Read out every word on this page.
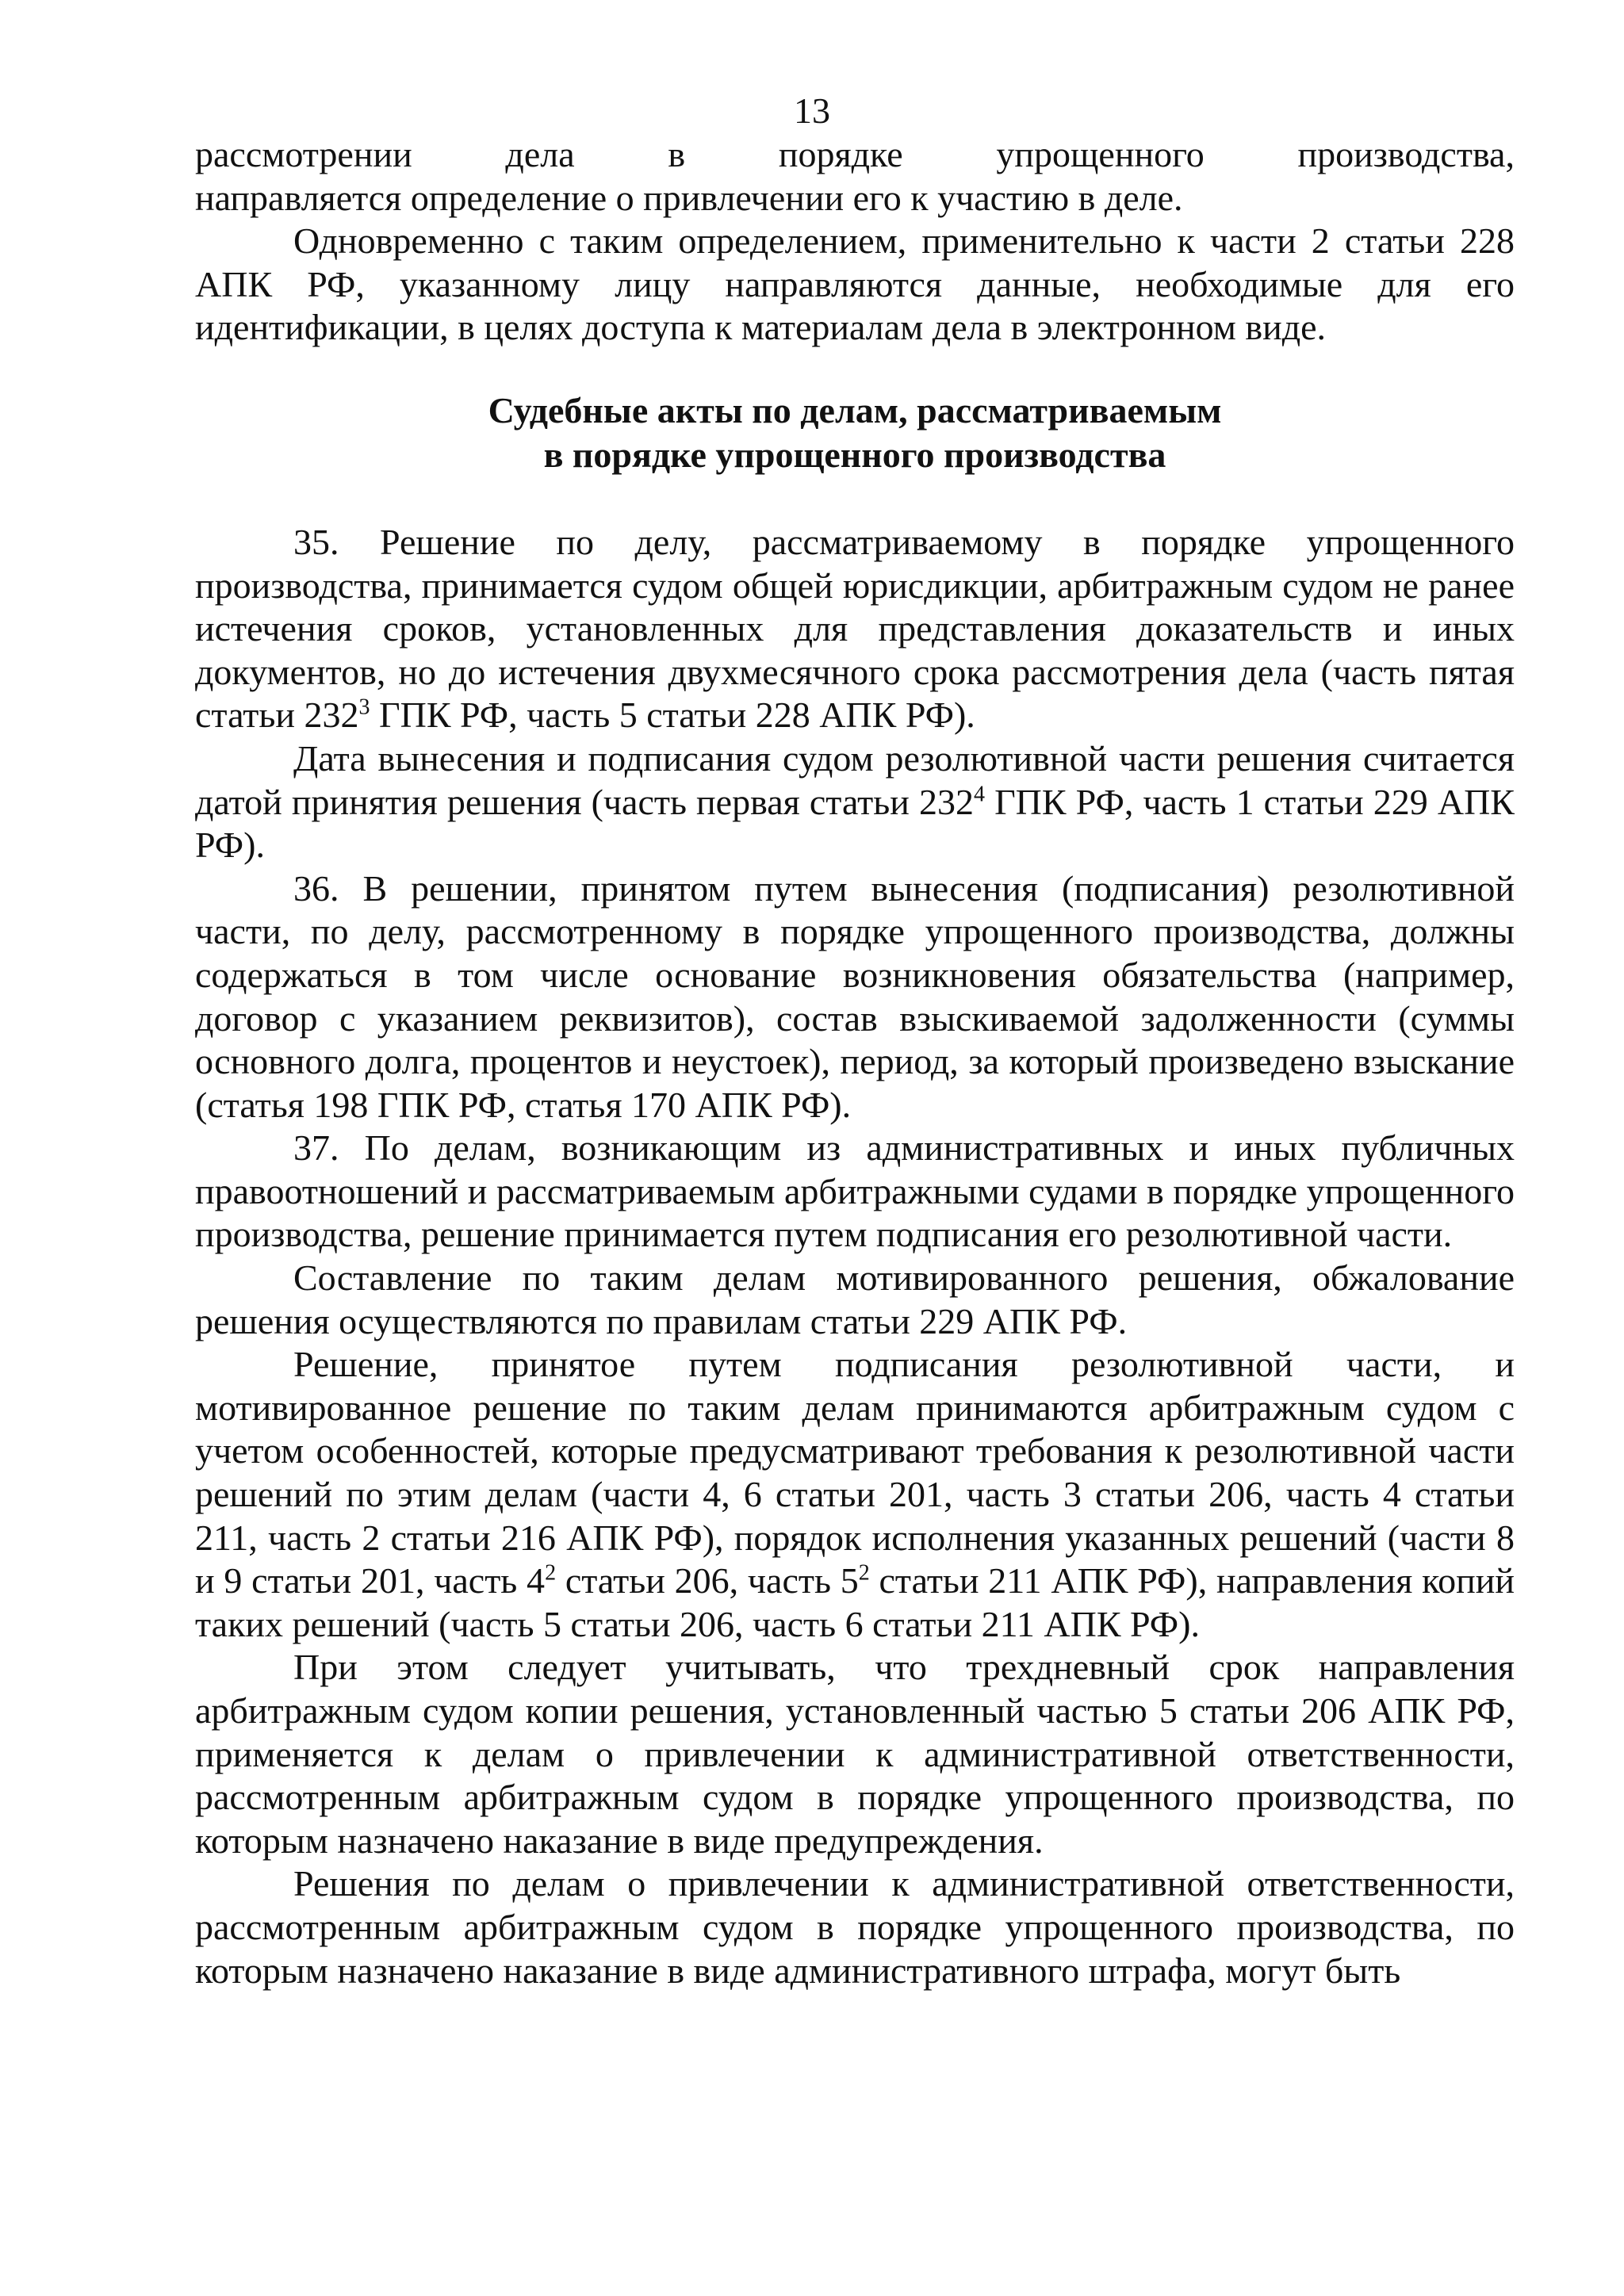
13
рассмотрении	дела	в	порядке	упрощенного	производства,

направляется определение о привлечении его к участию в деле.

Одновременно с таким определением, применительно к части 2 статьи 228 АПК РФ, указанному лицу направляются данные, необходимые для его идентификации, в целях доступа к материалам дела в электронном виде.

Судебные акты по делам, рассматриваемым
в порядке упрощенного производства

35. Решение по делу, рассматриваемому в порядке упрощенного производства, принимается судом общей юрисдикции, арбитражным судом не ранее истечения сроков, установленных для представления доказательств и иных документов, но до истечения двухмесячного срока рассмотрения дела (часть пятая статьи $232^3$ ГПК РФ, часть 5 статьи 228 АПК РФ).

Дата вынесения и подписания судом резолютивной части решения считается датой принятия решения (часть первая статьи $232^4$ ГПК РФ, часть 1 статьи 229 АПК РФ).

36. В решении, принятом путем вынесения (подписания) резолютивной части, по делу, рассмотренному в порядке упрощенного производства, должны содержаться в том числе основание возникновения обязательства (например, договор с указанием реквизитов), состав взыскиваемой задолженности (суммы основного долга, процентов и неустоек), период, за который произведено взыскание (статья 198 ГПК РФ, статья 170 АПК РФ).

37. По делам, возникающим из административных и иных публичных правоотношений и рассматриваемым арбитражными судами в порядке упрощенного производства, решение принимается путем подписания его резолютивной части.

Составление по таким делам мотивированного решения, обжалование решения осуществляются по правилам статьи 229 АПК РФ.

Решение, принятое путем подписания резолютивной части, и мотивированное решение по таким делам принимаются арбитражным судом с учетом особенностей, которые предусматривают требования к резолютивной части решений по этим делам (части 4, 6 статьи 201, часть 3 статьи 206, часть 4 статьи 211, часть 2 статьи 216 АПК РФ), порядок исполнения указанных решений (части 8 и 9 статьи 201, часть $4^2$ статьи 206, часть $5^2$ статьи 211 АПК РФ), направления копий таких решений (часть 5 статьи 206, часть 6 статьи 211 АПК РФ).

При этом следует учитывать, что трехдневный срок направления арбитражным судом копии решения, установленный частью 5 статьи 206 АПК РФ, применяется к делам о привлечении к административной ответственности, рассмотренным арбитражным судом в порядке упрощенного производства, по которым назначено наказание в виде предупреждения.

Решения по делам о привлечении к административной ответственности, рассмотренным арбитражным судом в порядке упрощенного производства, по которым назначено наказание в виде административного штрафа, могут быть
